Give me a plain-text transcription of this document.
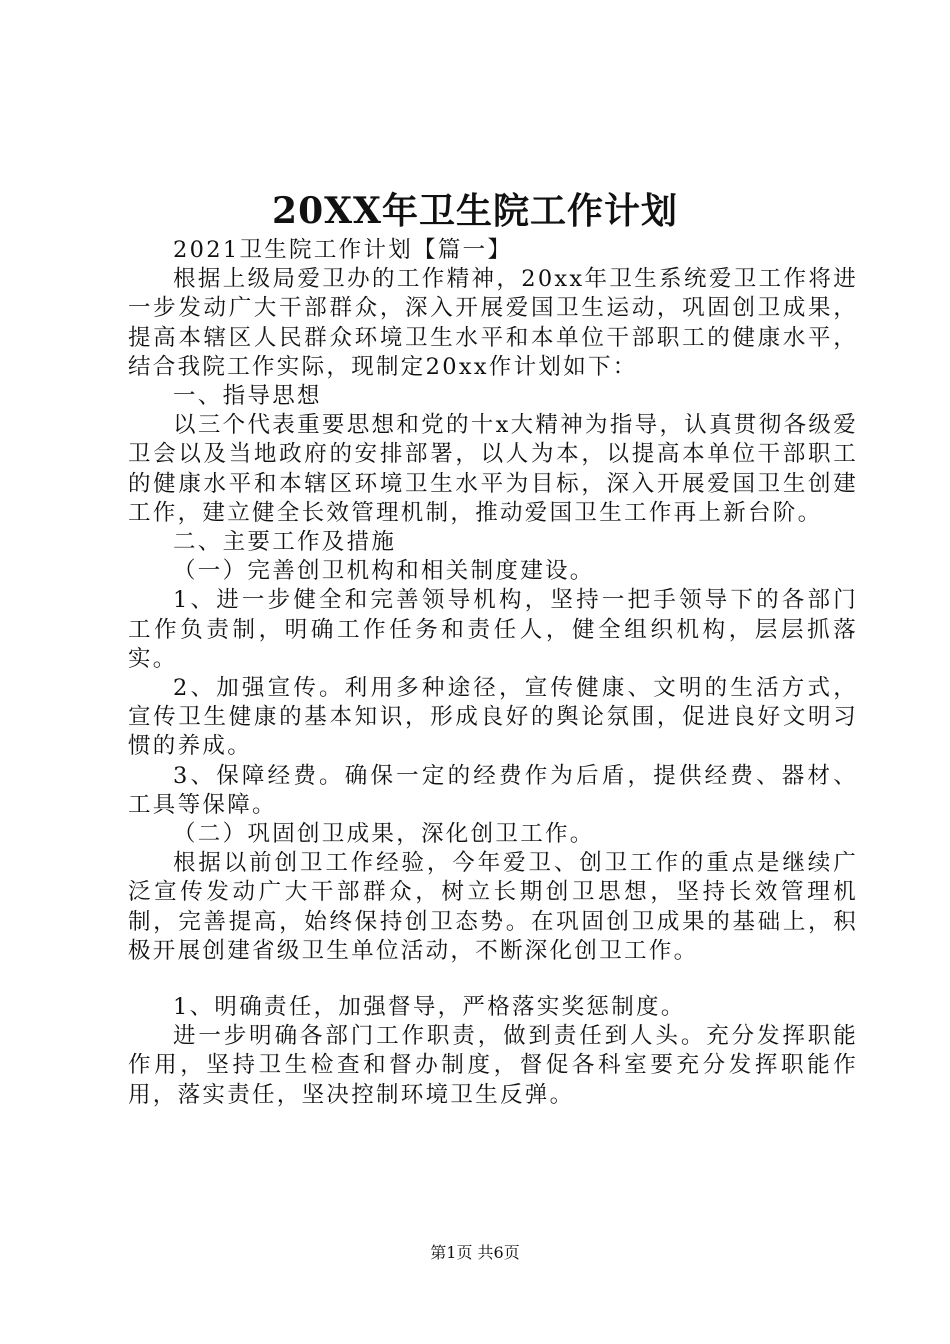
20XX年卫生院工作计划

2021卫生院工作计划【篇一】

根据上级局爱卫办的工作精神，20xx年卫生系统爱卫工作将进一步发动广大干部群众，深入开展爱国卫生运动，巩固创卫成果，提高本辖区人民群众环境卫生水平和本单位干部职工的健康水平，结合我院工作实际，现制定20xx作计划如下：

一、指导思想

以三个代表重要思想和党的十x大精神为指导，认真贯彻各级爱卫会以及当地政府的安排部署，以人为本，以提高本单位干部职工的健康水平和本辖区环境卫生水平为目标，深入开展爱国卫生创建工作，建立健全长效管理机制，推动爱国卫生工作再上新台阶。

二、主要工作及措施

（一）完善创卫机构和相关制度建设。

1、进一步健全和完善领导机构，坚持一把手领导下的各部门工作负责制，明确工作任务和责任人，健全组织机构，层层抓落实。

2、加强宣传。利用多种途径，宣传健康、文明的生活方式，宣传卫生健康的基本知识，形成良好的舆论氛围，促进良好文明习惯的养成。

3、保障经费。确保一定的经费作为后盾，提供经费、器材、工具等保障。

（二）巩固创卫成果，深化创卫工作。

根据以前创卫工作经验，今年爱卫、创卫工作的重点是继续广泛宣传发动广大干部群众，树立长期创卫思想，坚持长效管理机制，完善提高，始终保持创卫态势。在巩固创卫成果的基础上，积极开展创建省级卫生单位活动，不断深化创卫工作。

1、明确责任，加强督导，严格落实奖惩制度。

进一步明确各部门工作职责，做到责任到人头。充分发挥职能作用，坚持卫生检查和督办制度，督促各科室要充分发挥职能作用，落实责任，坚决控制环境卫生反弹。

第1页 共6页
